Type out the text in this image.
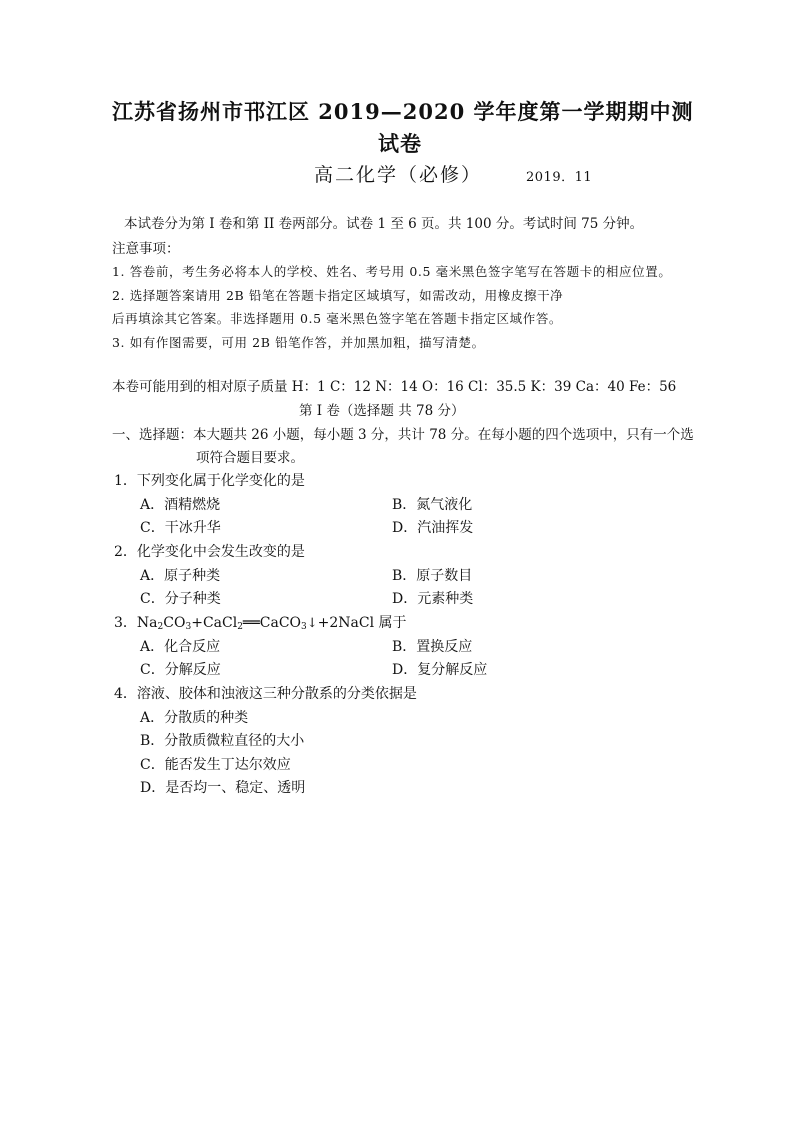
江苏省扬州市邗江区 2019—2020 学年度第一学期期中测
试卷
高二化学（必修）	2019．11
本试卷分为第 I 卷和第 II 卷两部分。试卷 1 至 6 页。共 100 分。考试时间 75 分钟。
注意事项：
1. 答卷前，考生务必将本人的学校、姓名、考号用 0.5 毫米黑色签字笔写在答题卡的相应位置。
2. 选择题答案请用 2B 铅笔在答题卡指定区域填写，如需改动，用橡皮擦干净
后再填涂其它答案。非选择题用 0.5 毫米黑色签字笔在答题卡指定区域作答。
3. 如有作图需要，可用 2B 铅笔作答，并加黑加粗，描写清楚。
本卷可能用到的相对原子质量 H：1 C：12 N：14 O：16 Cl：35.5 K：39 Ca：40 Fe：56
第 I 卷（选择题 共 78 分）
一、选择题：本大题共 26 小题，每小题 3 分，共计 78 分。在每小题的四个选项中，只有一个选
项符合题目要求。
1．下列变化属于化学变化的是
A．酒精燃烧	B．氮气液化
C．干冰升华	D．汽油挥发
2．化学变化中会发生改变的是
A．原子种类	B．原子数目
C．分子种类	D．元素种类
3．$Na_2CO_3+CaCl_2══CaCO_3↓+2NaCl$ 属于
A．化合反应	B．置换反应
C．分解反应	D．复分解反应
4．溶液、胶体和浊液这三种分散系的分类依据是
A．分散质的种类
B．分散质微粒直径的大小
C．能否发生丁达尔效应
D．是否均一、稳定、透明
